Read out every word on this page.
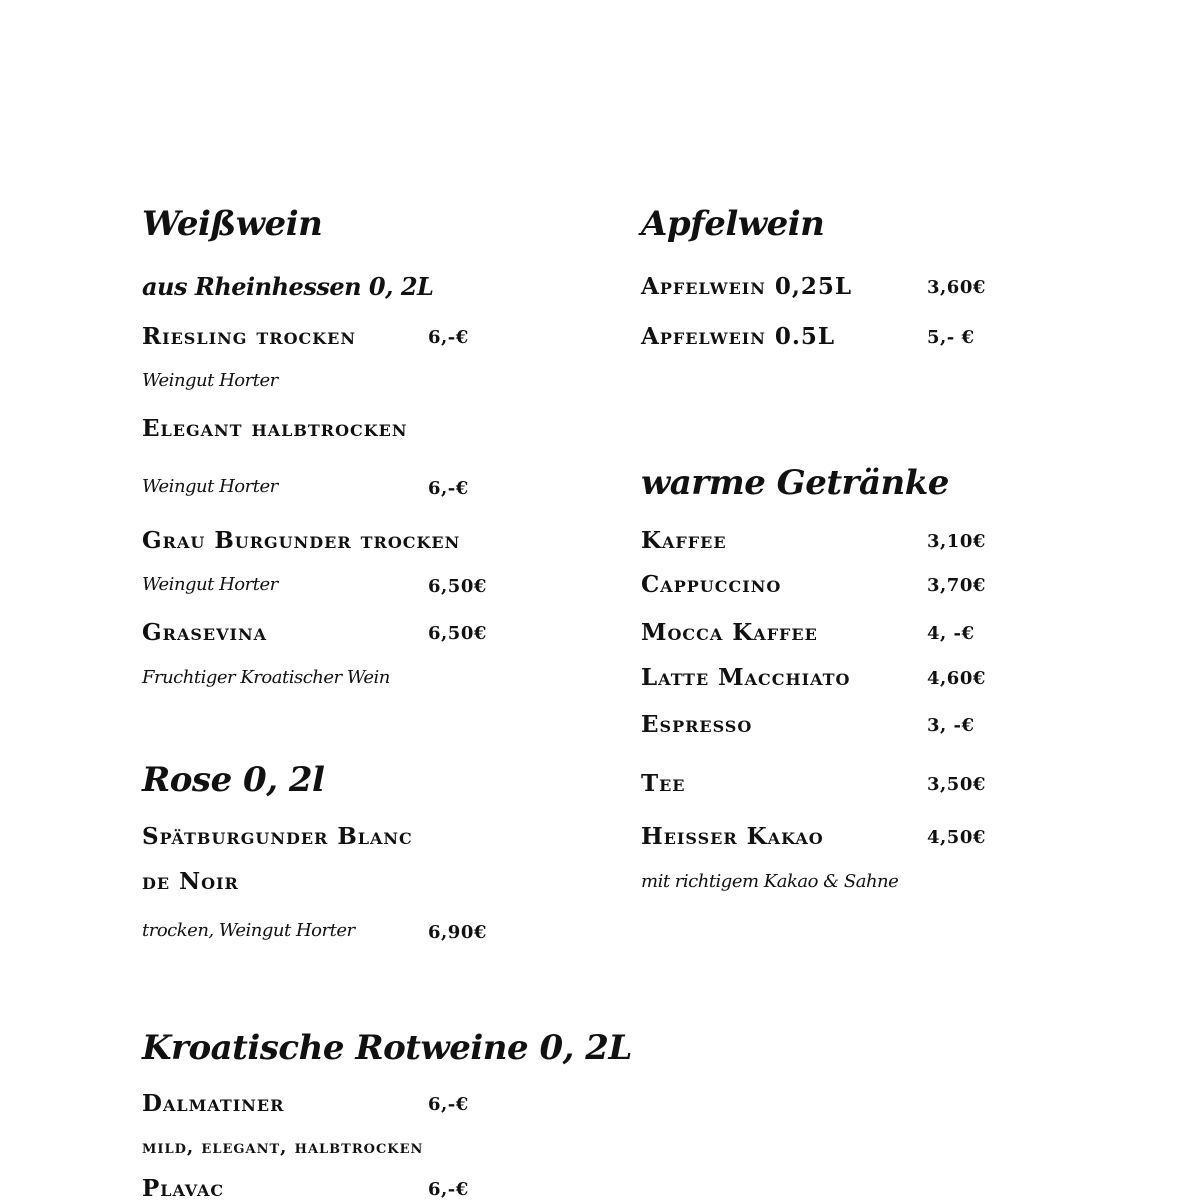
Weißwein
aus Rheinhessen 0, 2L
Riesling trocken	6,-€
Weingut Horter
Elegant halbtrocken
Weingut Horter	6,-€
Grau Burgunder trocken
Weingut Horter	6,50€
Grasevina	6,50€
Fruchtiger Kroatischer Wein
Rose 0, 2l
Spätburgunder Blanc
de Noir
trocken, Weingut Horter	6,90€
Kroatische Rotweine 0, 2L
Dalmatiner	6,-€
mild, elegant, halbtrocken
Plavac	6,-€
Apfelwein
Apfelwein 0,25L	3,60€
Apfelwein 0.5L	5,- €
warme Getränke
Kaffee	3,10€
Cappuccino	3,70€
Mocca Kaffee	4, -€
Latte Macchiato	4,60€
Espresso	3, -€
Tee	3,50€
Heisser Kakao	4,50€
mit richtigem Kakao & Sahne
